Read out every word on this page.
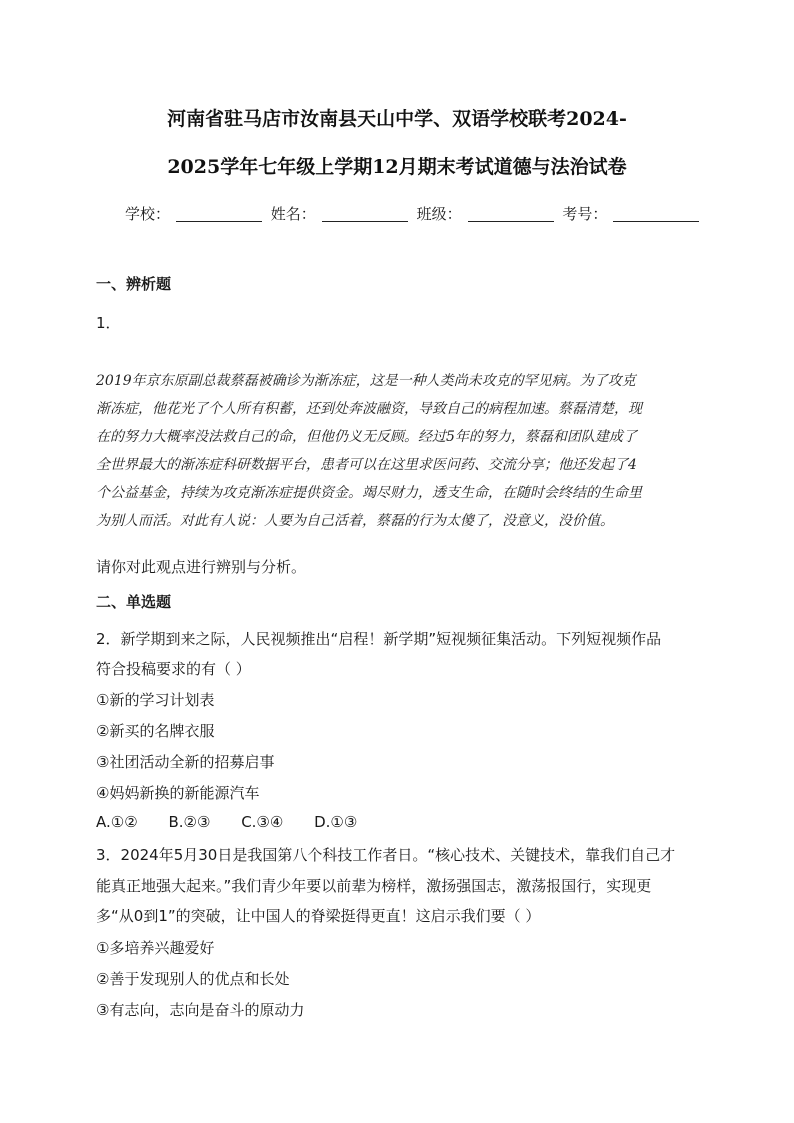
河南省驻马店市汝南县天山中学、双语学校联考2024-
2025学年七年级上学期12月期末考试道德与法治试卷
学校：	姓名：	班级：	考号：
一、辨析题
1．
2019年京东原副总裁蔡磊被确诊为渐冻症，这是一种人类尚未攻克的罕见病。为了攻克
渐冻症，他花光了个人所有积蓄，还到处奔波融资，导致自己的病程加速。蔡磊清楚，现
在的努力大概率没法救自己的命，但他仍义无反顾。经过5年的努力，蔡磊和团队建成了
全世界最大的渐冻症科研数据平台，患者可以在这里求医问药、交流分享；他还发起了4
个公益基金，持续为攻克渐冻症提供资金。竭尽财力，透支生命，在随时会终结的生命里
为别人而活。对此有人说：人要为自己活着，蔡磊的行为太傻了，没意义，没价值。
请你对此观点进行辨别与分析。
二、单选题
2．新学期到来之际，人民视频推出“启程！新学期”短视频征集活动。下列短视频作品
符合投稿要求的有（ ）
①新的学习计划表
②新买的名牌衣服
③社团活动全新的招募启事
④妈妈新换的新能源汽车
A.①② B.②③ C.③④ D.①③
3．2024年5月30日是我国第八个科技工作者日。“核心技术、关键技术，靠我们自己才
能真正地强大起来。”我们青少年要以前辈为榜样，激扬强国志，激荡报国行，实现更
多“从0到1”的突破，让中国人的脊梁挺得更直！这启示我们要（ ）
①多培养兴趣爱好
②善于发现别人的优点和长处
③有志向，志向是奋斗的原动力
